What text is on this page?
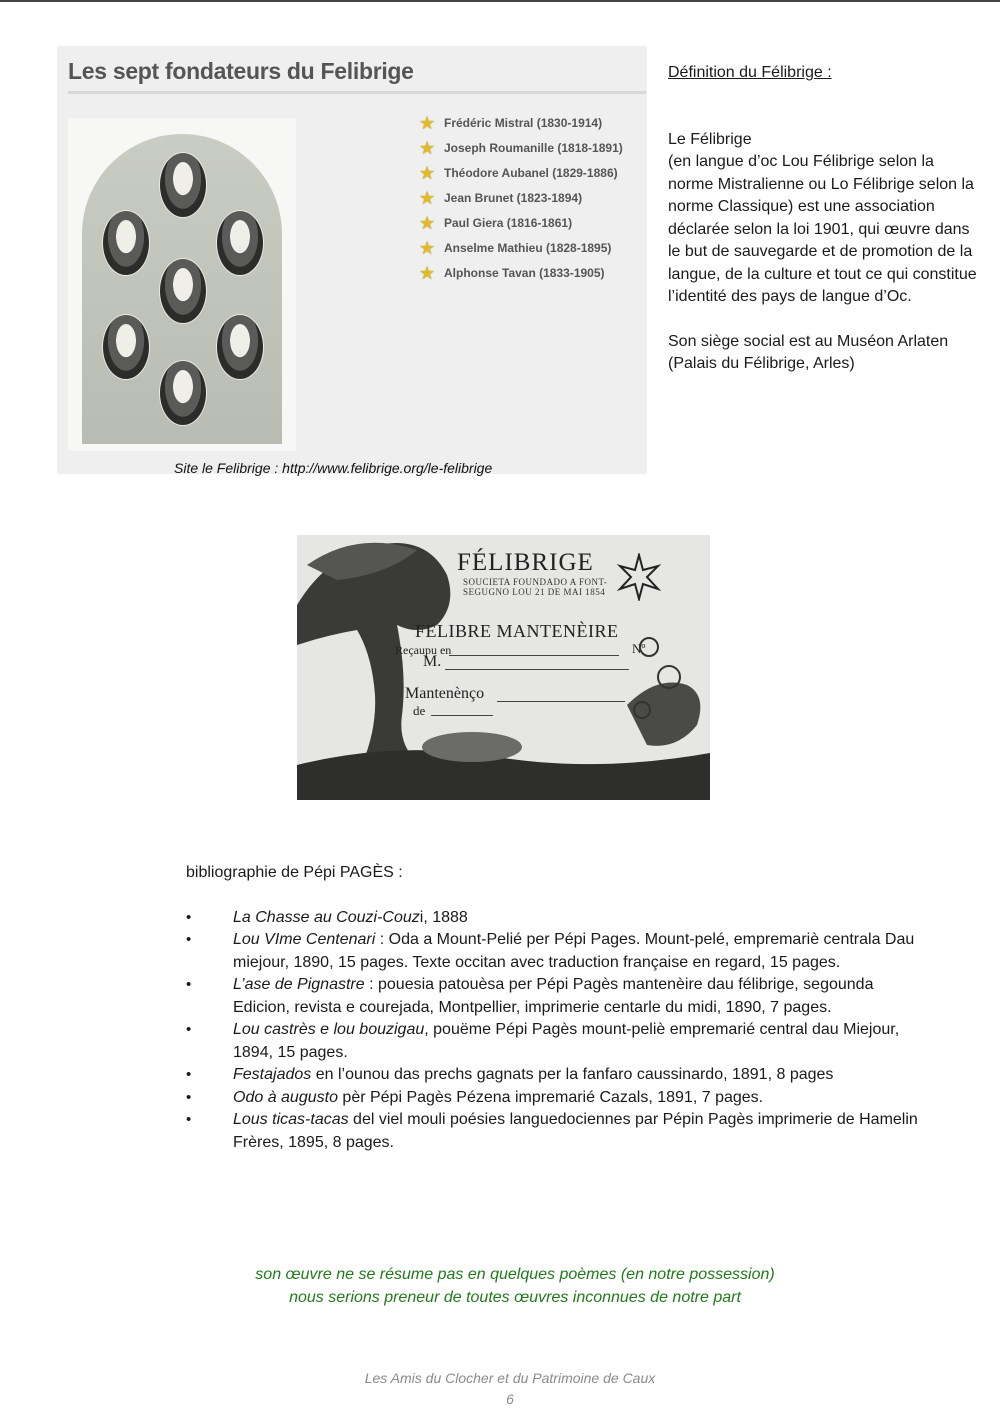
Les sept fondateurs du Felibrige
★ Frédéric Mistral (1830-1914)
★ Joseph Roumanille (1818-1891)
★ Théodore Aubanel (1829-1886)
★ Jean Brunet (1823-1894)
★ Paul Giera (1816-1861)
★ Anselme Mathieu (1828-1895)
★ Alphonse Tavan (1833-1905)
Site le Felibrige : http://www.felibrige.org/le-felibrige

Définition du Félibrige :

Le Félibrige

(en langue d’oc Lou Félibrige selon la norme Mistralienne ou Lo Félibrige selon la norme Classique) est une association déclarée selon la loi 1901, qui œuvre dans le but de sauvegarde et de promotion de la langue, de la culture et tout ce qui constitue l’identité des pays de langue d’Oc.

Son siège social est au Muséon Arlaten (Palais du Félibrige, Arles)

FÉLIBRIGE
SOUCIETA FOUNDADO A FONT-SEGUGNO LOU 21 DE MAI 1854
FELIBRE MANTENÈIRE
Reçaupu en	Nº
M.
Mantenènço
de

bibliographie de Pépi PAGÈS :

•	La Chasse au Couzi-Couzi, 1888
•	Lou VIme Centenari : Oda a Mount-Pelié per Pépi Pages. Mount-pelé, empremariè centrala Dau miejour, 1890, 15 pages. Texte occitan avec traduction française en regard, 15 pages.
•	L’ase de Pignastre : pouesia patouèsa per Pépi Pagès mantenèire dau félibrige, segounda Edicion, revista e courejada, Montpellier, imprimerie centarle du midi, 1890, 7 pages.
•	Lou castrès e lou bouzigau, pouëme Pépi Pagès mount-peliè empremarié central dau Miejour, 1894, 15 pages.
•	Festajados en l’ounou das prechs gagnats per la fanfaro caussinardo, 1891, 8 pages
•	Odo à augusto pèr Pépi Pagès Pézena impremarié Cazals, 1891, 7 pages.
•	Lous ticas-tacas del viel mouli poésies languedociennes par Pépin Pagès imprimerie de Hamelin Frères, 1895, 8 pages.
son œuvre ne se résume pas en quelques poèmes (en notre possession)
nous serions preneur de toutes œuvres inconnues de notre part
Les Amis du Clocher et du Patrimoine de Caux
6
